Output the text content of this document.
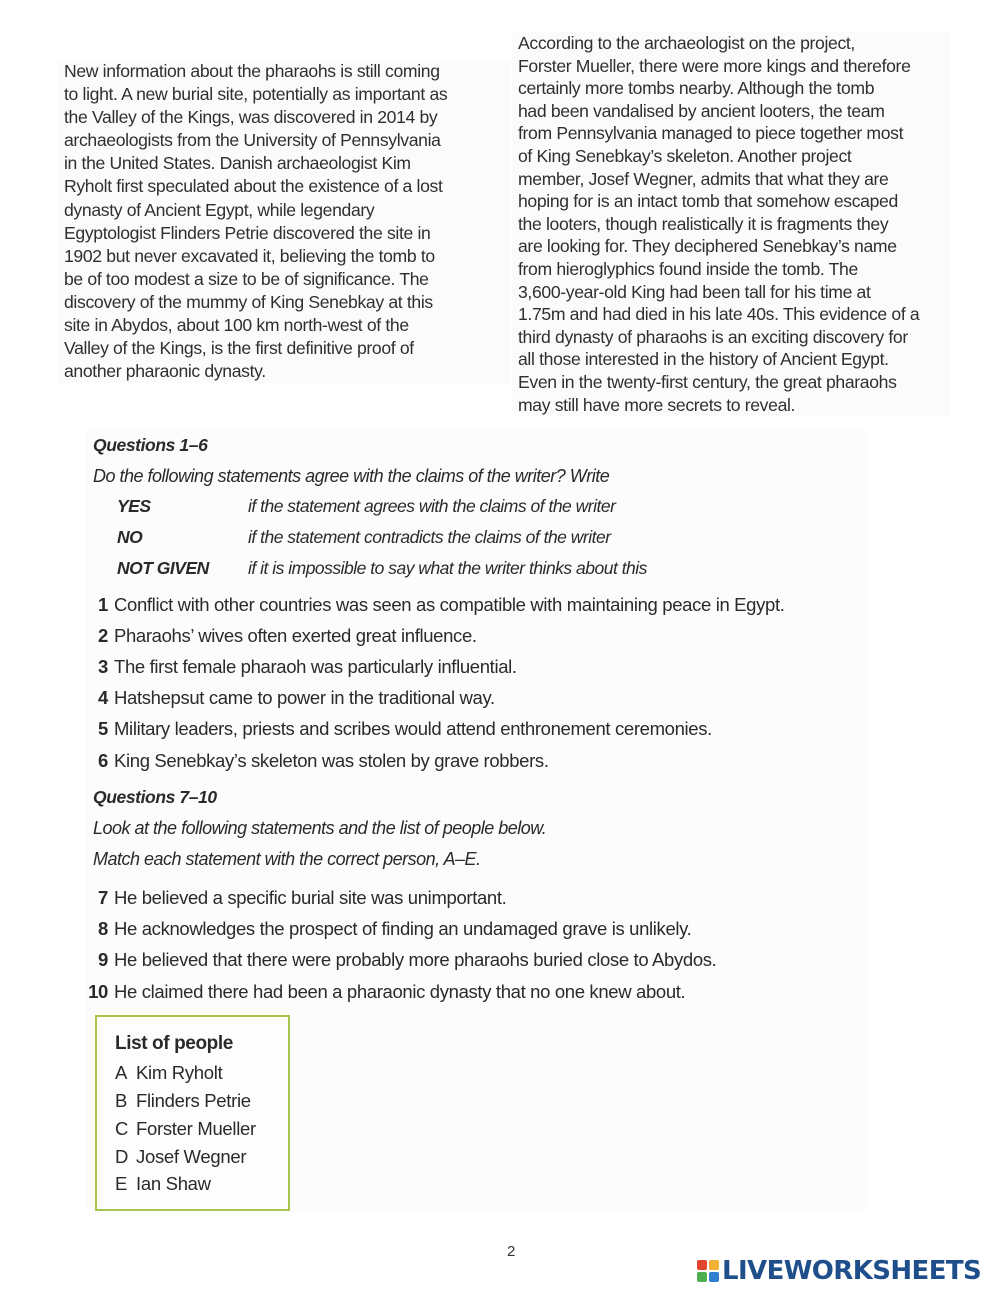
New information about the pharaohs is still coming
to light. A new burial site, potentially as important as
the Valley of the Kings, was discovered in 2014 by
archaeologists from the University of Pennsylvania
in the United States. Danish archaeologist Kim
Ryholt first speculated about the existence of a lost
dynasty of Ancient Egypt, while legendary
Egyptologist Flinders Petrie discovered the site in
1902 but never excavated it, believing the tomb to
be of too modest a size to be of significance. The
discovery of the mummy of King Senebkay at this
site in Abydos, about 100 km north-west of the
Valley of the Kings, is the first definitive proof of
another pharaonic dynasty.

According to the archaeologist on the project,
Forster Mueller, there were more kings and therefore
certainly more tombs nearby. Although the tomb
had been vandalised by ancient looters, the team
from Pennsylvania managed to piece together most
of King Senebkay’s skeleton. Another project
member, Josef Wegner, admits that what they are
hoping for is an intact tomb that somehow escaped
the looters, though realistically it is fragments they
are looking for. They deciphered Senebkay’s name
from hieroglyphics found inside the tomb. The
3,600-year-old King had been tall for his time at
1.75m and had died in his late 40s. This evidence of a
third dynasty of pharaohs is an exciting discovery for
all those interested in the history of Ancient Egypt.
Even in the twenty-first century, the great pharaohs
may still have more secrets to reveal.

Questions 1–6
Do the following statements agree with the claims of the writer? Write
YES	if the statement agrees with the claims of the writer
NO	if the statement contradicts the claims of the writer
NOT GIVEN if it is impossible to say what the writer thinks about this
1 Conflict with other countries was seen as compatible with maintaining peace in Egypt.
2 Pharaohs’ wives often exerted great influence.
3 The first female pharaoh was particularly influential.
4 Hatshepsut came to power in the traditional way.
5 Military leaders, priests and scribes would attend enthronement ceremonies.
6 King Senebkay’s skeleton was stolen by grave robbers.
Questions 7–10
Look at the following statements and the list of people below.
Match each statement with the correct person, A–E.
7 He believed a specific burial site was unimportant.
8 He acknowledges the prospect of finding an undamaged grave is unlikely.
9 He believed that there were probably more pharaohs buried close to Abydos.
10 He claimed there had been a pharaonic dynasty that no one knew about.
List of people
A Kim Ryholt
B Flinders Petrie
C Forster Mueller
D Josef Wegner
E Ian Shaw
2
LIVEWORKSHEETS
